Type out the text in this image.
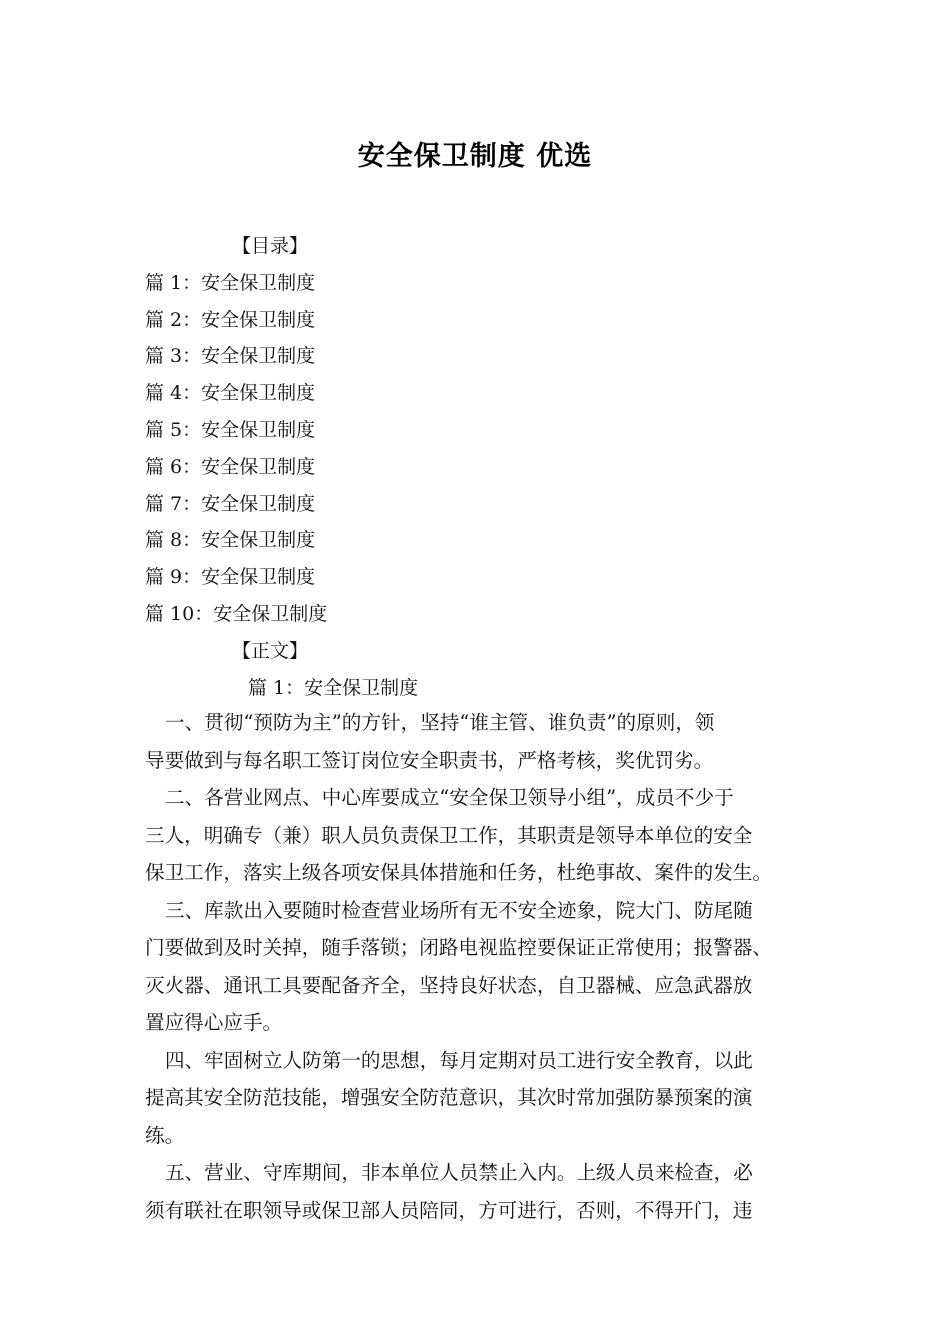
安全保卫制度 优选
【目录】
篇 1：安全保卫制度
篇 2：安全保卫制度
篇 3：安全保卫制度
篇 4：安全保卫制度
篇 5：安全保卫制度
篇 6：安全保卫制度
篇 7：安全保卫制度
篇 8：安全保卫制度
篇 9：安全保卫制度
篇 10：安全保卫制度
【正文】
篇 1：安全保卫制度

一、贯彻“预防为主”的方针，坚持“谁主管、谁负责”的原则，领
导要做到与每名职工签订岗位安全职责书，严格考核，奖优罚劣。

二、各营业网点、中心库要成立“安全保卫领导小组”，成员不少于
三人，明确专（兼）职人员负责保卫工作，其职责是领导本单位的安全
保卫工作，落实上级各项安保具体措施和任务，杜绝事故、案件的发生。

三、库款出入要随时检查营业场所有无不安全迹象，院大门、防尾随
门要做到及时关掉，随手落锁；闭路电视监控要保证正常使用；报警器、
灭火器、通讯工具要配备齐全，坚持良好状态，自卫器械、应急武器放
置应得心应手。

四、牢固树立人防第一的思想，每月定期对员工进行安全教育，以此
提高其安全防范技能，增强安全防范意识，其次时常加强防暴预案的演
练。

五、营业、守库期间，非本单位人员禁止入内。上级人员来检查，必
须有联社在职领导或保卫部人员陪同，方可进行，否则，不得开门，违
